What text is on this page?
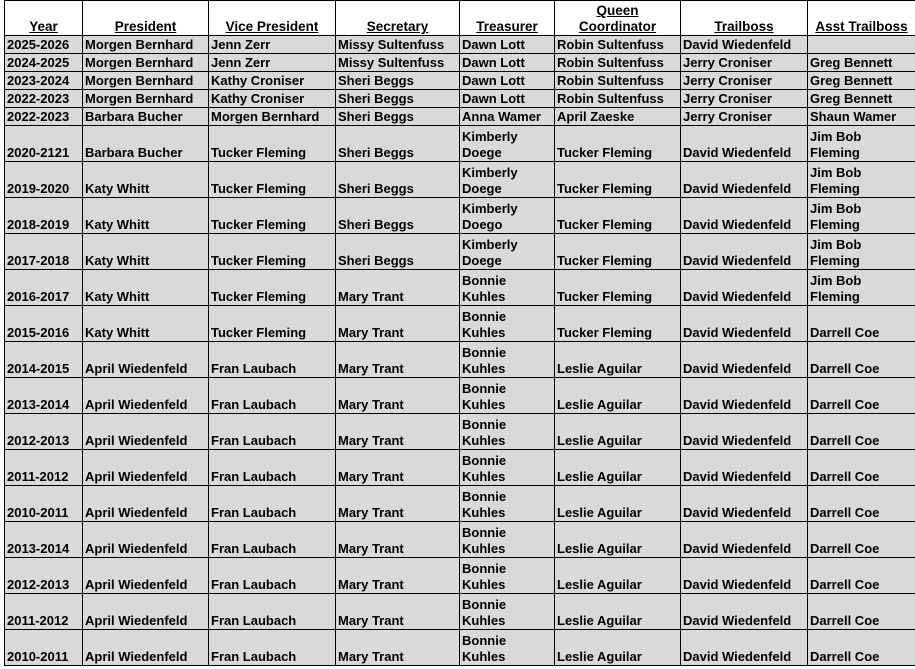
Year	President	Vice President	Secretary	Treasurer	Queen Coordinator	Trailboss	Asst Trailboss
2025-2026	Morgen Bernhard	Jenn Zerr	Missy Sultenfuss	Dawn Lott	Robin Sultenfuss	David Wiedenfeld	
2024-2025	Morgen Bernhard	Jenn Zerr	Missy Sultenfuss	Dawn Lott	Robin Sultenfuss	Jerry Croniser	Greg Bennett
2023-2024	Morgen Bernhard	Kathy Croniser	Sheri Beggs	Dawn Lott	Robin Sultenfuss	Jerry Croniser	Greg Bennett
2022-2023	Morgen Bernhard	Kathy Croniser	Sheri Beggs	Dawn Lott	Robin Sultenfuss	Jerry Croniser	Greg Bennett
2022-2023	Barbara Bucher	Morgen Bernhard	Sheri Beggs	Anna Wamer	April Zaeske	Jerry Croniser	Shaun Wamer
2020-2121	Barbara Bucher	Tucker Fleming	Sheri Beggs	Kimberly Doege	Tucker Fleming	David Wiedenfeld	Jim Bob Fleming
2019-2020	Katy Whitt	Tucker Fleming	Sheri Beggs	Kimberly Doege	Tucker Fleming	David Wiedenfeld	Jim Bob Fleming
2018-2019	Katy Whitt	Tucker Fleming	Sheri Beggs	Kimberly Doego	Tucker Fleming	David Wiedenfeld	Jim Bob Fleming
2017-2018	Katy Whitt	Tucker Fleming	Sheri Beggs	Kimberly Doege	Tucker Fleming	David Wiedenfeld	Jim Bob Fleming
2016-2017	Katy Whitt	Tucker Fleming	Mary Trant	Bonnie Kuhles	Tucker Fleming	David Wiedenfeld	Jim Bob Fleming
2015-2016	Katy Whitt	Tucker Fleming	Mary Trant	Bonnie Kuhles	Tucker Fleming	David Wiedenfeld	Darrell Coe
2014-2015	April Wiedenfeld	Fran Laubach	Mary Trant	Bonnie Kuhles	Leslie Aguilar	David Wiedenfeld	Darrell Coe
2013-2014	April Wiedenfeld	Fran Laubach	Mary Trant	Bonnie Kuhles	Leslie Aguilar	David Wiedenfeld	Darrell Coe
2012-2013	April Wiedenfeld	Fran Laubach	Mary Trant	Bonnie Kuhles	Leslie Aguilar	David Wiedenfeld	Darrell Coe
2011-2012	April Wiedenfeld	Fran Laubach	Mary Trant	Bonnie Kuhles	Leslie Aguilar	David Wiedenfeld	Darrell Coe
2010-2011	April Wiedenfeld	Fran Laubach	Mary Trant	Bonnie Kuhles	Leslie Aguilar	David Wiedenfeld	Darrell Coe
2013-2014	April Wiedenfeld	Fran Laubach	Mary Trant	Bonnie Kuhles	Leslie Aguilar	David Wiedenfeld	Darrell Coe
2012-2013	April Wiedenfeld	Fran Laubach	Mary Trant	Bonnie Kuhles	Leslie Aguilar	David Wiedenfeld	Darrell Coe
2011-2012	April Wiedenfeld	Fran Laubach	Mary Trant	Bonnie Kuhles	Leslie Aguilar	David Wiedenfeld	Darrell Coe
2010-2011	April Wiedenfeld	Fran Laubach	Mary Trant	Bonnie Kuhles	Leslie Aguilar	David Wiedenfeld	Darrell Coe
